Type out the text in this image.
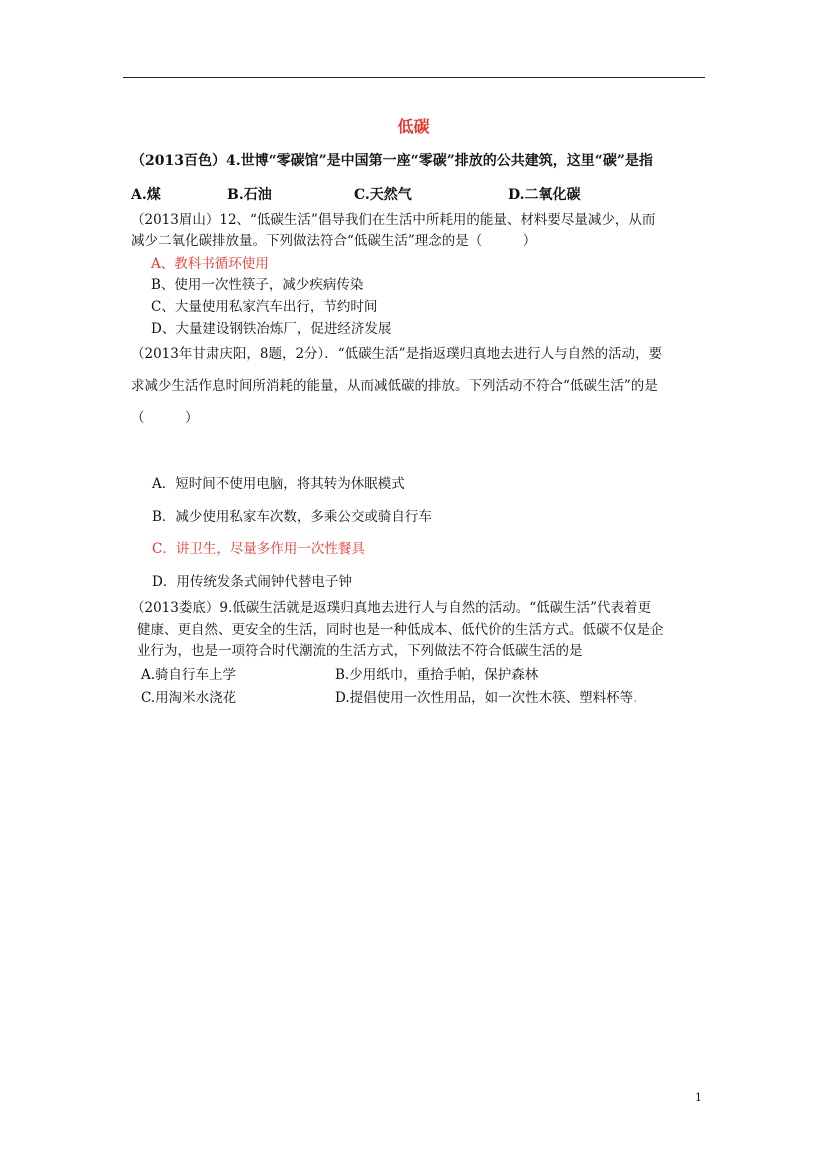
低碳
（2013百色）4.世博“零碳馆”是中国第一座“零碳”排放的公共建筑，这里“碳”是指
A.煤	B.石油	C.天然气	D.二氧化碳
（2013眉山）12、“低碳生活”倡导我们在生活中所耗用的能量、材料要尽量减少，从而
减少二氧化碳排放量。下列做法符合“低碳生活”理念的是（　　　）
A、教科书循环使用
B、使用一次性筷子，减少疾病传染
C、大量使用私家汽车出行，节约时间
D、大量建设钢铁冶炼厂，促进经济发展
（2013年甘肃庆阳，8题，2分）．“低碳生活”是指返璞归真地去进行人与自然的活动，要
求减少生活作息时间所消耗的能量，从而减低碳的排放。下列活动不符合“低碳生活”的是
（　　　）
A．短时间不使用电脑，将其转为休眠模式
B．减少使用私家车次数，多乘公交或骑自行车
C．讲卫生，尽量多作用一次性餐具
D．用传统发条式闹钟代替电子钟
（2013娄底）9.低碳生活就是返璞归真地去进行人与自然的活动。“低碳生活”代表着更
健康、更自然、更安全的生活，同时也是一种低成本、低代价的生活方式。低碳不仅是企
业行为，也是一项符合时代潮流的生活方式，下列做法不符合低碳生活的是
A.骑自行车上学	B.少用纸巾，重拾手帕，保护森林
C.用淘米水浇花	D.提倡使用一次性用品，如一次性木筷、塑料杯等.
1
